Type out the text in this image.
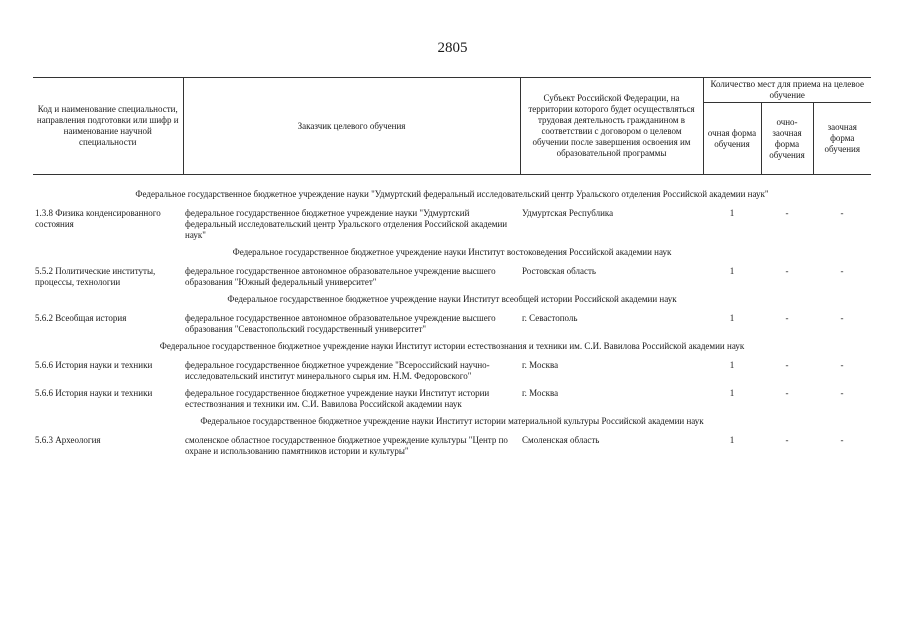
2805
Код и наименование специальности, направления подготовки или шифр и наименование научной специальности	Заказчик целевого обучения	Субъект Российской Федерации, на территории которого будет осуществляться трудовая деятельность гражданином в соответствии с договором о целевом обучении после завершения освоения им образовательной программы	Количество мест для приема на целевое обучение		
			очная форма обучения	очно-заочная форма обучения	заочная форма обучения
Федеральное государственное бюджетное учреждение науки "Удмуртский федеральный исследовательский центр Уральского отделения Российской академии наук"					
1.3.8 Физика конденсированного состояния	федеральное государственное бюджетное учреждение науки "Удмуртский федеральный исследовательский центр Уральского отделения Российской академии наук"	Удмуртская Республика	1	-	-
Федеральное государственное бюджетное учреждение науки Институт востоковедения Российской академии наук					
5.5.2 Политические институты, процессы, технологии	федеральное государственное автономное образовательное учреждение высшего образования "Южный федеральный университет"	Ростовская область	1	-	-
Федеральное государственное бюджетное учреждение науки Институт всеобщей истории Российской академии наук					
5.6.2 Всеобщая история	федеральное государственное автономное образовательное учреждение высшего образования "Севастопольский государственный университет"	г. Севастополь	1	-	-
Федеральное государственное бюджетное учреждение науки Институт истории естествознания и техники им. С.И. Вавилова Российской академии наук					
5.6.6 История науки и техники	федеральное государственное бюджетное учреждение "Всероссийский научно-исследовательский институт минерального сырья им. Н.М. Федоровского"	г. Москва	1	-	-
5.6.6 История науки и техники	федеральное государственное бюджетное учреждение науки Институт истории естествознания и техники им. С.И. Вавилова Российской академии наук	г. Москва	1	-	-
Федеральное государственное бюджетное учреждение науки Институт истории материальной культуры Российской академии наук					
5.6.3 Археология	смоленское областное государственное бюджетное учреждение культуры "Центр по охране и использованию памятников истории и культуры"	Смоленская область	1	-	-
